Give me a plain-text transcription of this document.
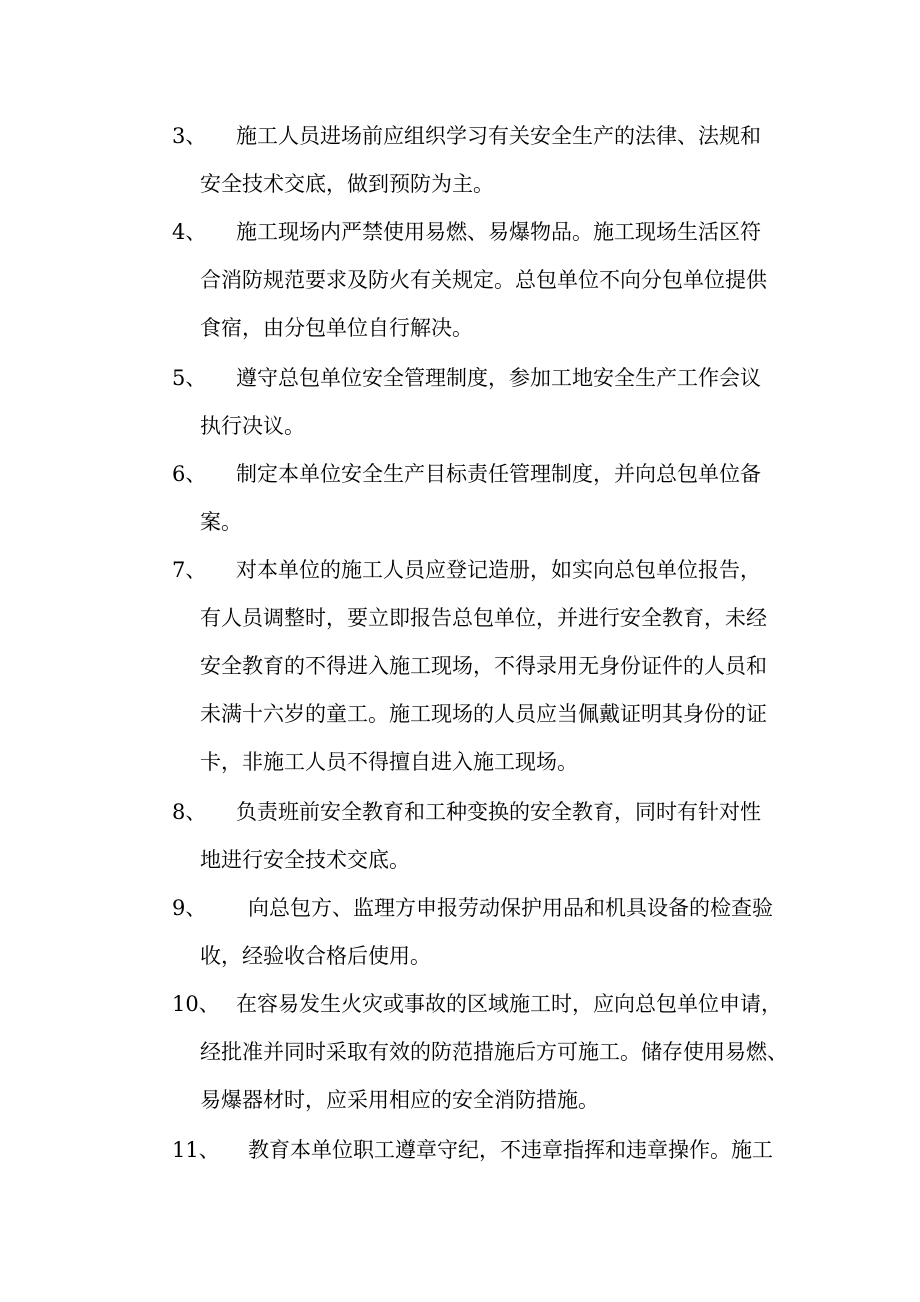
3、	施工人员进场前应组织学习有关安全生产的法律、法规和
安全技术交底，做到预防为主。
4、	施工现场内严禁使用易燃、易爆物品。施工现场生活区符
合消防规范要求及防火有关规定。总包单位不向分包单位提供
食宿，由分包单位自行解决。
5、	遵守总包单位安全管理制度，参加工地安全生产工作会议
执行决议。
6、	制定本单位安全生产目标责任管理制度，并向总包单位备
案。
7、	对本单位的施工人员应登记造册，如实向总包单位报告，
有人员调整时，要立即报告总包单位，并进行安全教育，未经
安全教育的不得进入施工现场，不得录用无身份证件的人员和
未满十六岁的童工。施工现场的人员应当佩戴证明其身份的证
卡，非施工人员不得擅自进入施工现场。
8、	负责班前安全教育和工种变换的安全教育，同时有针对性
地进行安全技术交底。
9、	向总包方、监理方申报劳动保护用品和机具设备的检查验
收，经验收合格后使用。
10、 在容易发生火灾或事故的区域施工时，应向总包单位申请，
经批准并同时采取有效的防范措施后方可施工。储存使用易燃、
易爆器材时，应采用相应的安全消防措施。
11、	教育本单位职工遵章守纪，不违章指挥和违章操作。施工
